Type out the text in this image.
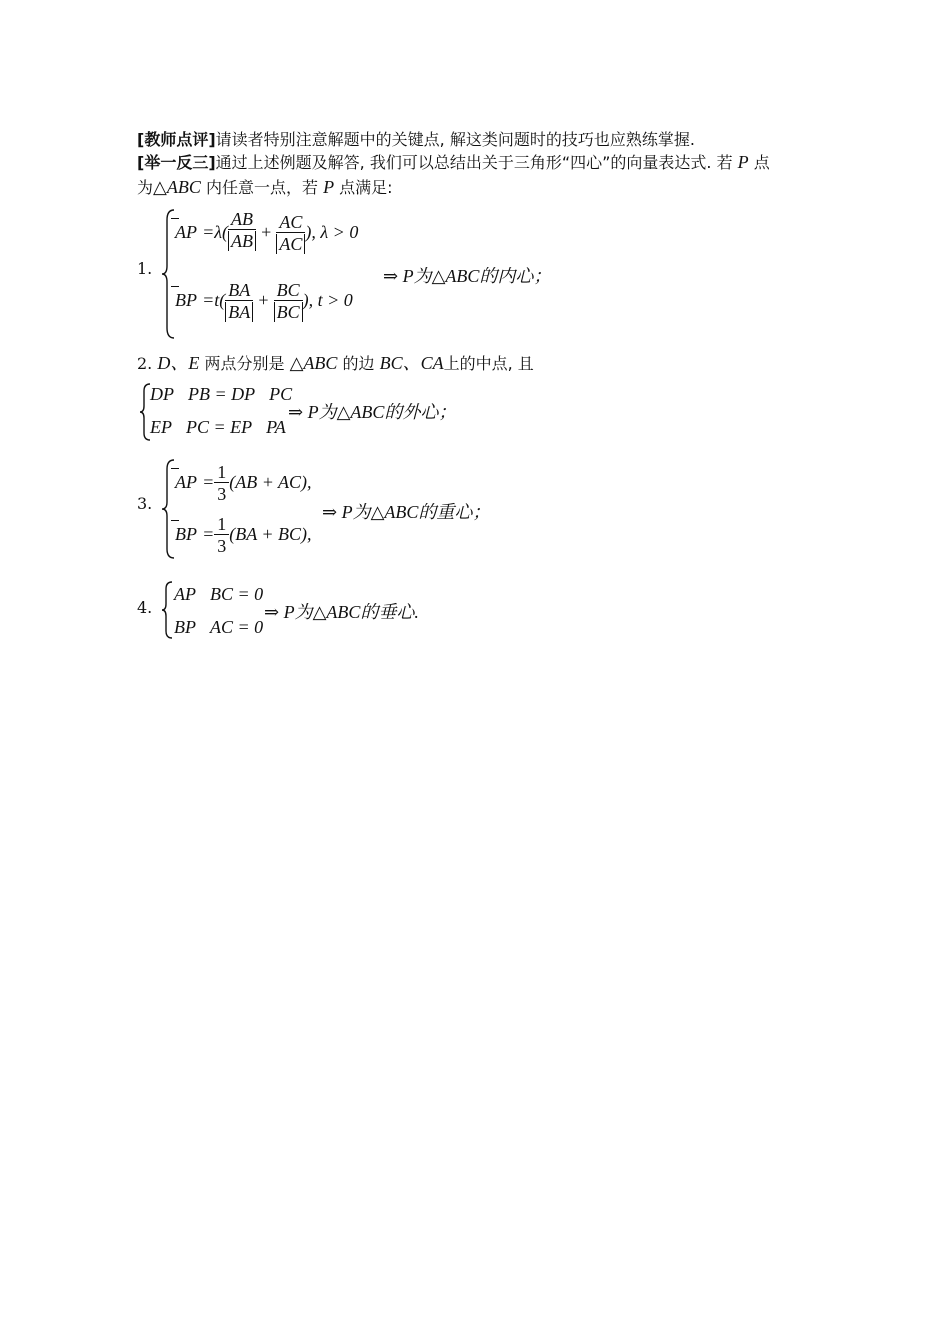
[教师点评]请读者特别注意解题中的关键点, 解这类问题时的技巧也应熟练掌握.
[举一反三]通过上述例题及解答, 我们可以总结出关于三角形“四心”的向量表达式. 若 P 点
为△ABC 内任意一点，若 P 点满足:
1.
AP $=\lambda( \frac{AB}{AB} + \frac{AC}{AC}$ ), λ > 0
BP $=t( \frac{BA}{BA} + \frac{BC}{BC}$ ), t > 0
⇒ P为△ABC的内心；
2. D、E 两点分别是 △ABC 的边 BC、CA上的中点, 且
DP⃞PB = DP⃞PC
EP⃞PC = EP⃞PA
⇒ P为△ABC的外心；
3.
AP = $\frac{1}{3} (AB + AC)$,
BP = $\frac{1}{3} (BA + BC)$,
⇒ P为△ABC的重心；
4.
AP⃞BC = 0
BP⃞AC = 0
⇒ P为△ABC的垂心.
